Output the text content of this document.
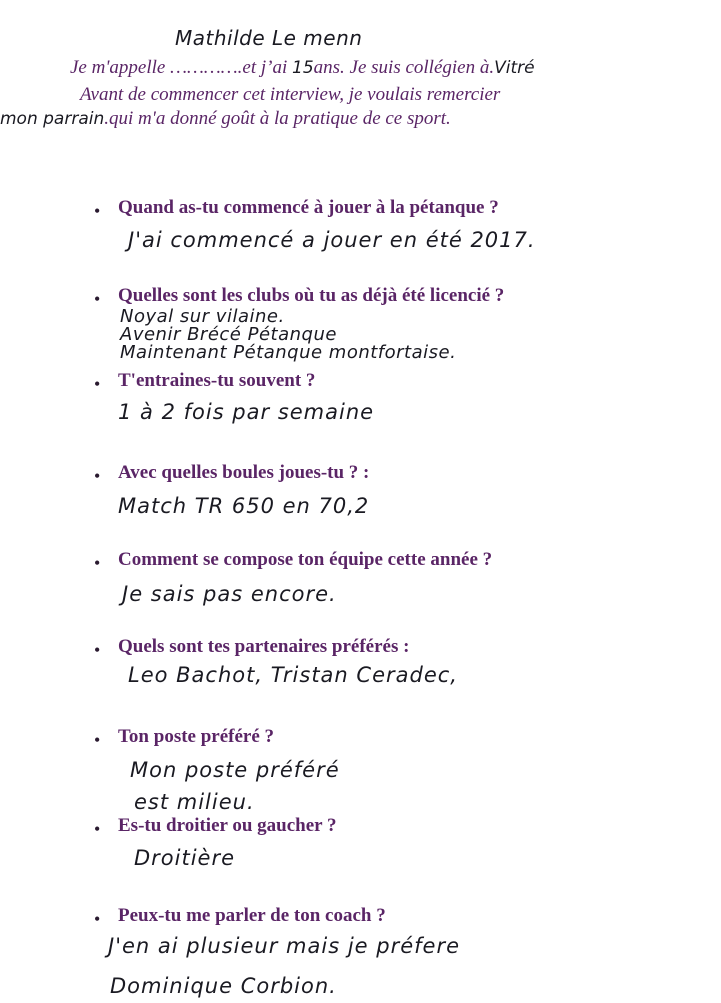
Mathilde Le menn
Je m'appelle ………….et j’ai 15ans. Je suis collégien à.Vitré
Avant de commencer cet interview, je voulais remercier
mon parrain.qui m'a donné goût à la pratique de ce sport.
• Quand as-tu commencé à jouer à la pétanque ?
J'ai commencé a jouer en été 2017.
• Quelles sont les clubs où tu as déjà été licencié ?
Noyal sur vilaine.
Avenir Brécé Pétanque
Maintenant Pétanque montfortaise.
• T'entraines-tu souvent ?
1 à 2 fois par semaine
• Avec quelles boules joues-tu ? :
Match TR 650 en 70,2
• Comment se compose ton équipe cette année ?
Je sais pas encore.
• Quels sont tes partenaires préférés :
Leo Bachot, Tristan Ceradec,
• Ton poste préféré ?
Mon poste préféré
est milieu.
• Es-tu droitier ou gaucher ?
Droitière
• Peux-tu me parler de ton coach ?
J'en ai plusieur mais je préfere
Dominique Corbion.
